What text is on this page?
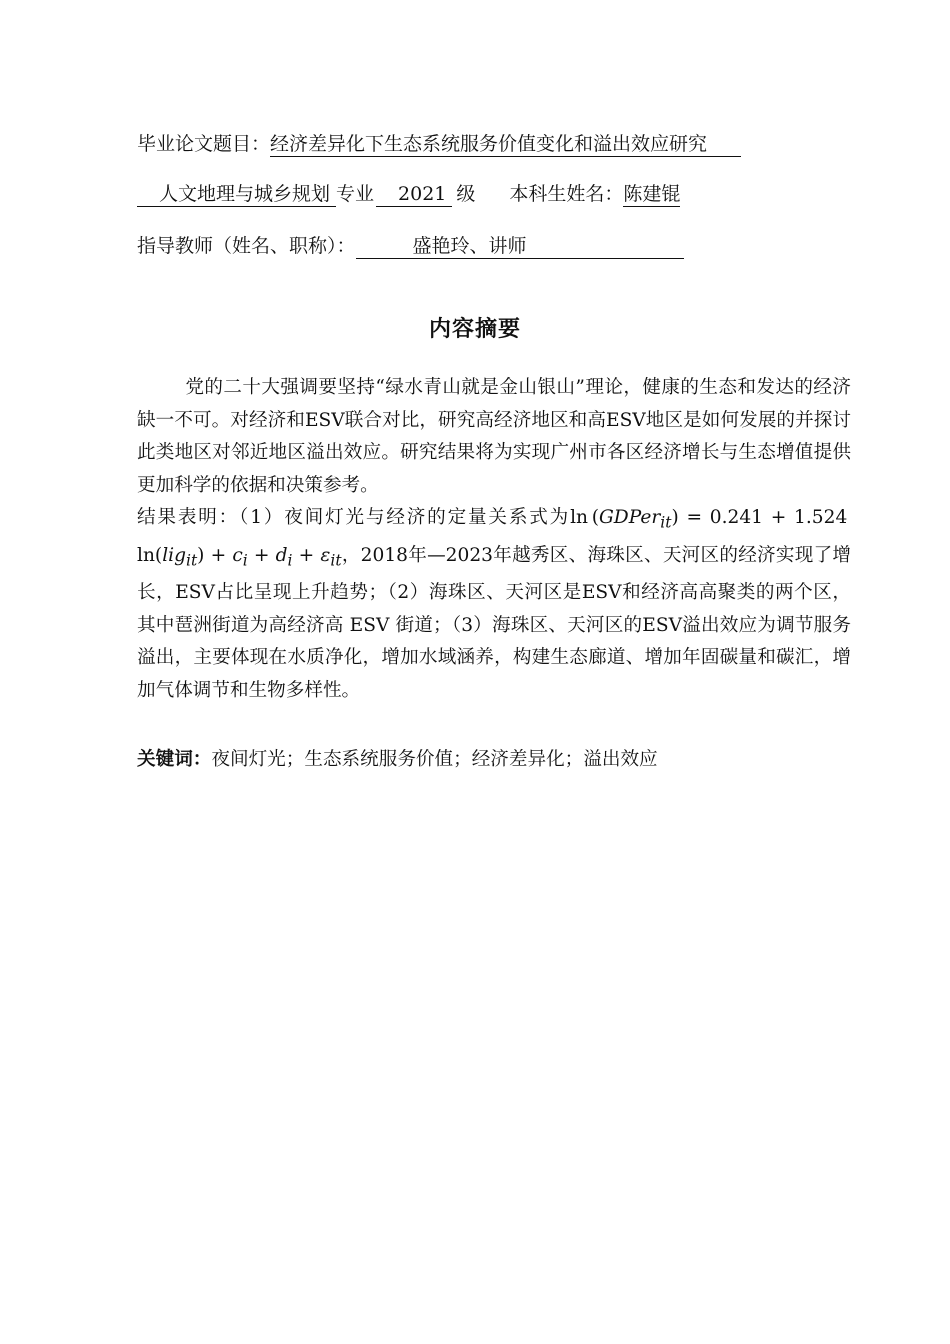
毕业论文题目：经济差异化下生态系统服务价值变化和溢出效应研究
人文地理与城乡规划 专业 2021 级 本科生姓名：陈建锟
指导教师（姓名、职称）：	盛艳玲、讲师
内容摘要

党的二十大强调要坚持“绿水青山就是金山银山”理论，健康的生态和发达的经济缺一不可。对经济和ESV联合对比，研究高经济地区和高ESV地区是如何发展的并探讨此类地区对邻近地区溢出效应。研究结果将为实现广州市各区经济增长与生态增值提供更加科学的依据和决策参考。

结果表明：（1）夜间灯光与经济的定量关系式为ln (GDPer$_{it}$) = 0.241 + 1.524 $\ln(lig_{it}) + c_i + d_i + \varepsilon_{it}$，2018年—2023年越秀区、海珠区、天河区的经济实现了增长，ESV占比呈现上升趋势；（2）海珠区、天河区是ESV和经济高高聚类的两个区，其中琶洲街道为高经济高 ESV 街道；（3）海珠区、天河区的ESV溢出效应为调节服务溢出，主要体现在水质净化，增加水域涵养，构建生态廊道、增加年固碳量和碳汇，增加气体调节和生物多样性。

关键词：夜间灯光；生态系统服务价值；经济差异化；溢出效应
